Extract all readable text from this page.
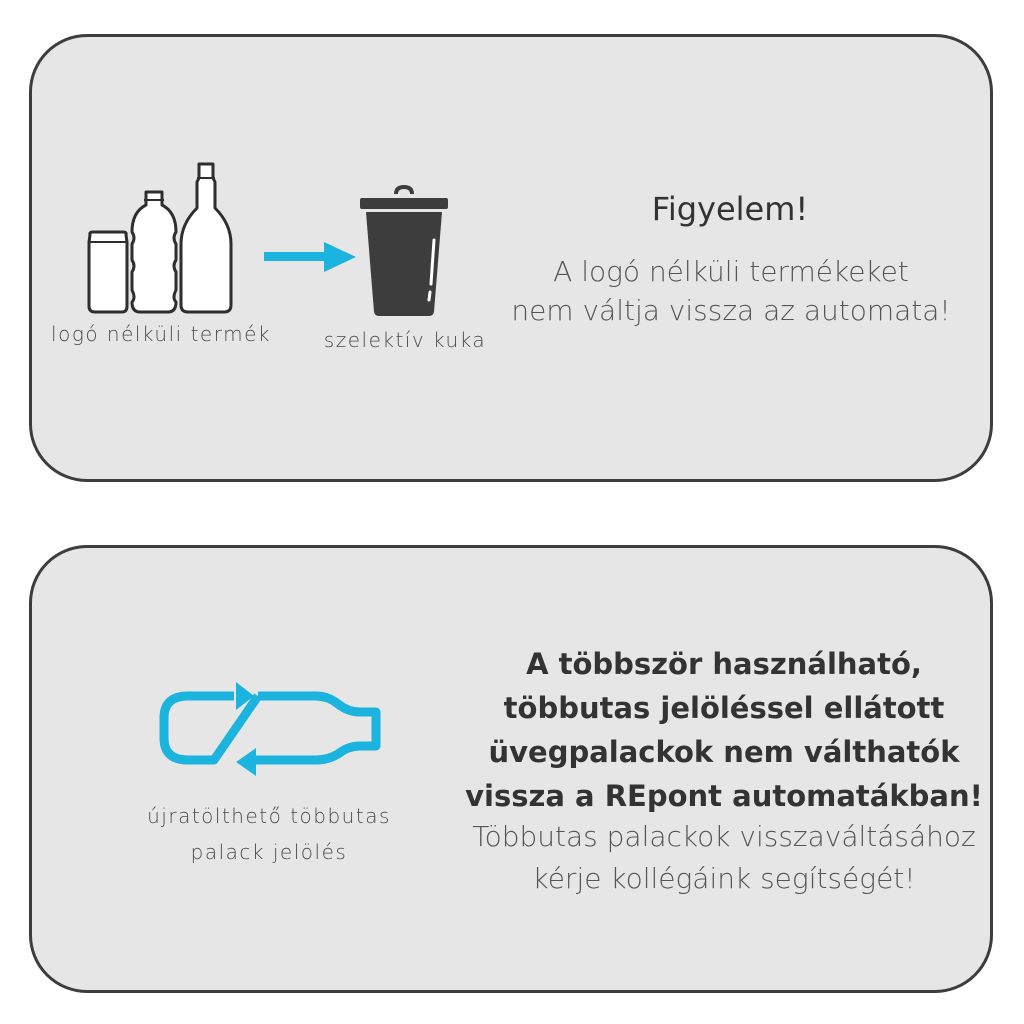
logó nélküli termék	szelektív kuka
Figyelem!
A logó nélküli termékeket
nem váltja vissza az automata!
újratölthető többutas
palack jelölés
A többször használható,
többutas jelöléssel ellátott
üvegpalackok nem válthatók
vissza a REpont automatákban!
Többutas palackok visszaváltásához
kérje kollégáink segítségét!
